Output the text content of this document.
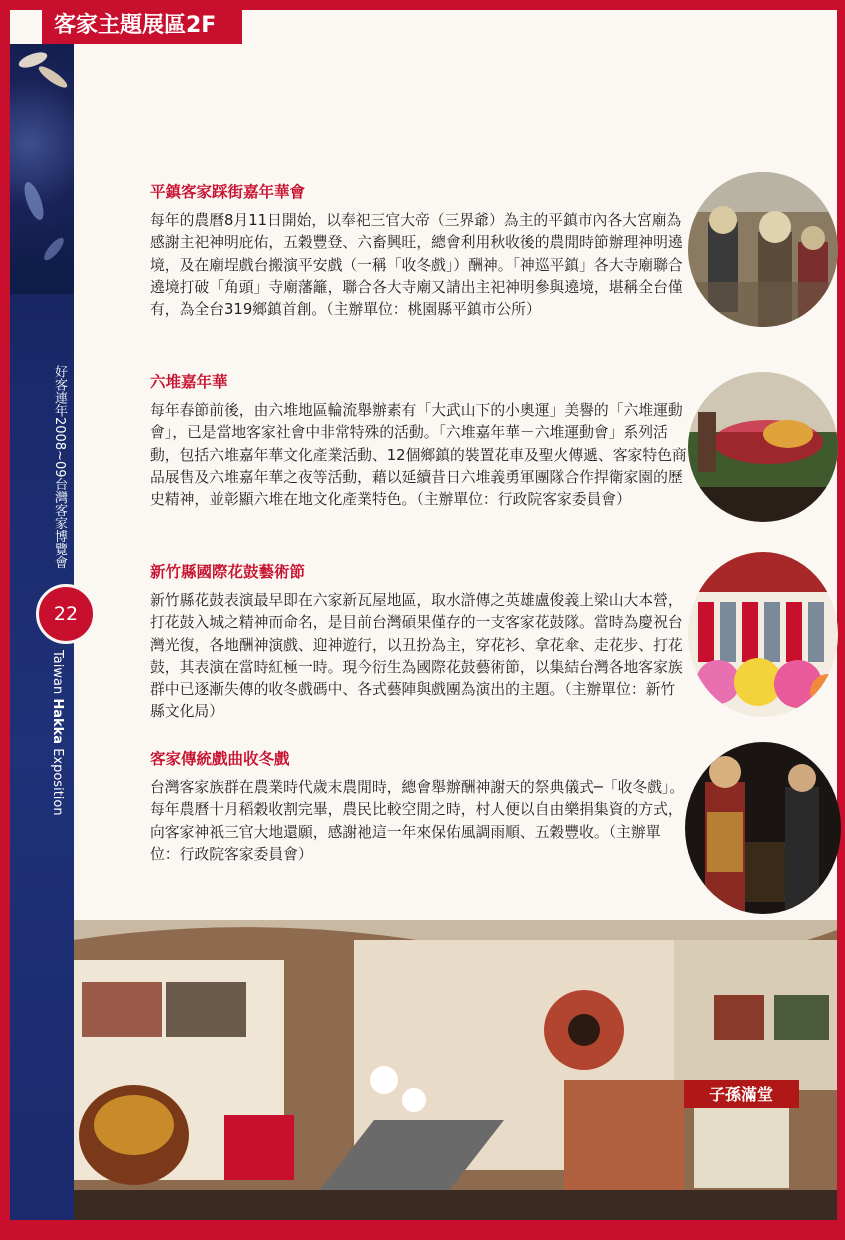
客家主題展區2F
好客連年2008~09台灣客家博覽會
22
Taiwan Hakka Exposition
平鎮客家踩街嘉年華會
每年的農曆8月11日開始，以奉祀三官大帝（三界爺）為主的平鎮市內各大宮廟為感謝主祀神明庇佑，五穀豐登、六畜興旺，總會利用秋收後的農閒時節辦理神明遶境，及在廟埕戲台搬演平安戲（一稱「收冬戲」）酬神。「神巡平鎮」各大寺廟聯合遶境打破「角頭」寺廟藩籬，聯合各大寺廟又請出主祀神明參與遶境，堪稱全台僅有，為全台319鄉鎮首創。（主辦單位：桃園縣平鎮市公所）
六堆嘉年華
每年春節前後，由六堆地區輪流舉辦素有「大武山下的小奧運」美譽的「六堆運動會」，已是當地客家社會中非常特殊的活動。「六堆嘉年華－六堆運動會」系列活動，包括六堆嘉年華文化產業活動、12個鄉鎮的裝置花車及聖火傳遞、客家特色商品展售及六堆嘉年華之夜等活動，藉以延續昔日六堆義勇軍團隊合作捍衛家園的歷史精神，並彰顯六堆在地文化產業特色。（主辦單位：行政院客家委員會）
新竹縣國際花鼓藝術節
新竹縣花鼓表演最早即在六家新瓦屋地區，取水滸傳之英雄盧俊義上梁山大本營，打花鼓入城之精神而命名，是目前台灣碩果僅存的一支客家花鼓隊。當時為慶祝台灣光復，各地酬神演戲、迎神遊行，以丑扮為主，穿花衫、拿花傘、走花步、打花鼓，其表演在當時紅極一時。現今衍生為國際花鼓藝術節，以集結台灣各地客家族群中已逐漸失傳的收冬戲碼中、各式藝陣與戲團為演出的主題。（主辦單位：新竹縣文化局）
客家傳統戲曲收冬戲
台灣客家族群在農業時代歲末農閒時，總會舉辦酬神謝天的祭典儀式─「收冬戲」。每年農曆十月稻穀收割完畢，農民比較空閒之時，村人便以自由樂捐集資的方式，向客家神祇三官大地還願，感謝祂這一年來保佑風調雨順、五穀豐收。（主辦單位：行政院客家委員會）
子孫滿堂
